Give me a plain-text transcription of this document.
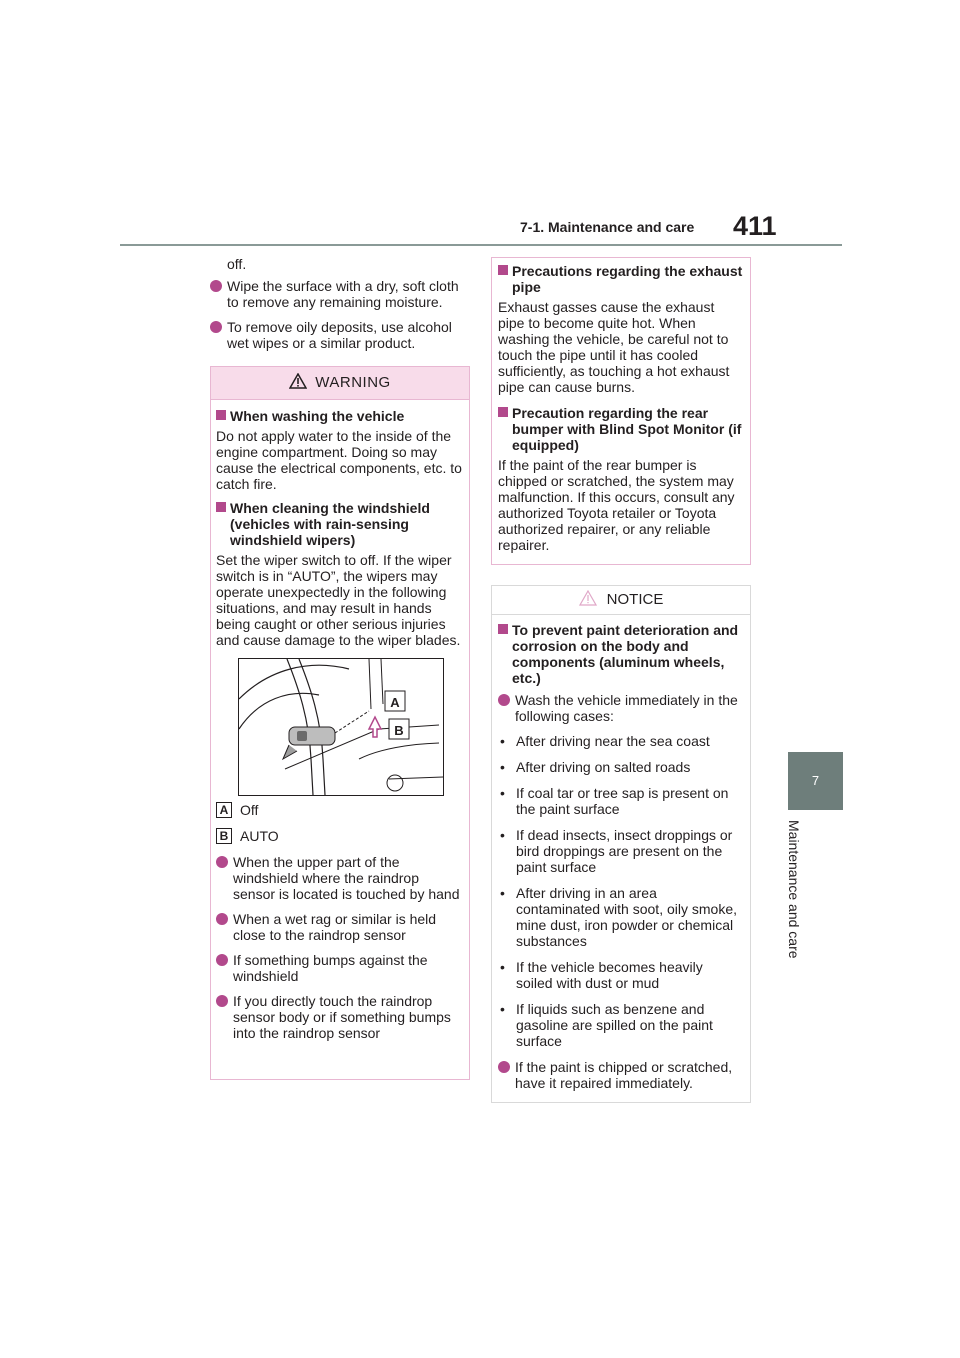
7-1. Maintenance and care 411
7
Maintenance and care
off.
Wipe the surface with a dry, soft cloth to remove any remaining moisture.
To remove oily deposits, use alcohol wet wipes or a similar product.
WARNING
When washing the vehicle

Do not apply water to the inside of the engine compartment. Doing so may cause the electrical components, etc. to catch fire.

When cleaning the windshield (vehicles with rain-sensing windshield wipers)

Set the wiper switch to off. If the wiper switch is in “AUTO”, the wipers may operate unexpectedly in the following situations, and may result in hands being caught or other serious injuries and cause damage to the wiper blades.

A
B
A Off
B AUTO
When the upper part of the windshield where the raindrop sensor is located is touched by hand
When a wet rag or similar is held close to the raindrop sensor
If something bumps against the windshield
If you directly touch the raindrop sensor body or if something bumps into the raindrop sensor
Precautions regarding the exhaust pipe

Exhaust gasses cause the exhaust pipe to become quite hot. When washing the vehicle, be careful not to touch the pipe until it has cooled sufficiently, as touching a hot exhaust pipe can cause burns.

Precaution regarding the rear bumper with Blind Spot Monitor (if equipped)

If the paint of the rear bumper is chipped or scratched, the system may malfunction. If this occurs, consult any authorized Toyota retailer or Toyota authorized repairer, or any reliable repairer.

NOTICE
To prevent paint deterioration and corrosion on the body and components (aluminum wheels, etc.)
Wash the vehicle immediately in the following cases:
• After driving near the sea coast
• After driving on salted roads
• If coal tar or tree sap is present on the paint surface
• If dead insects, insect droppings or bird droppings are present on the paint surface
• After driving in an area contaminated with soot, oily smoke, mine dust, iron powder or chemical substances
• If the vehicle becomes heavily soiled with dust or mud
• If liquids such as benzene and gasoline are spilled on the paint surface
If the paint is chipped or scratched, have it repaired immediately.
